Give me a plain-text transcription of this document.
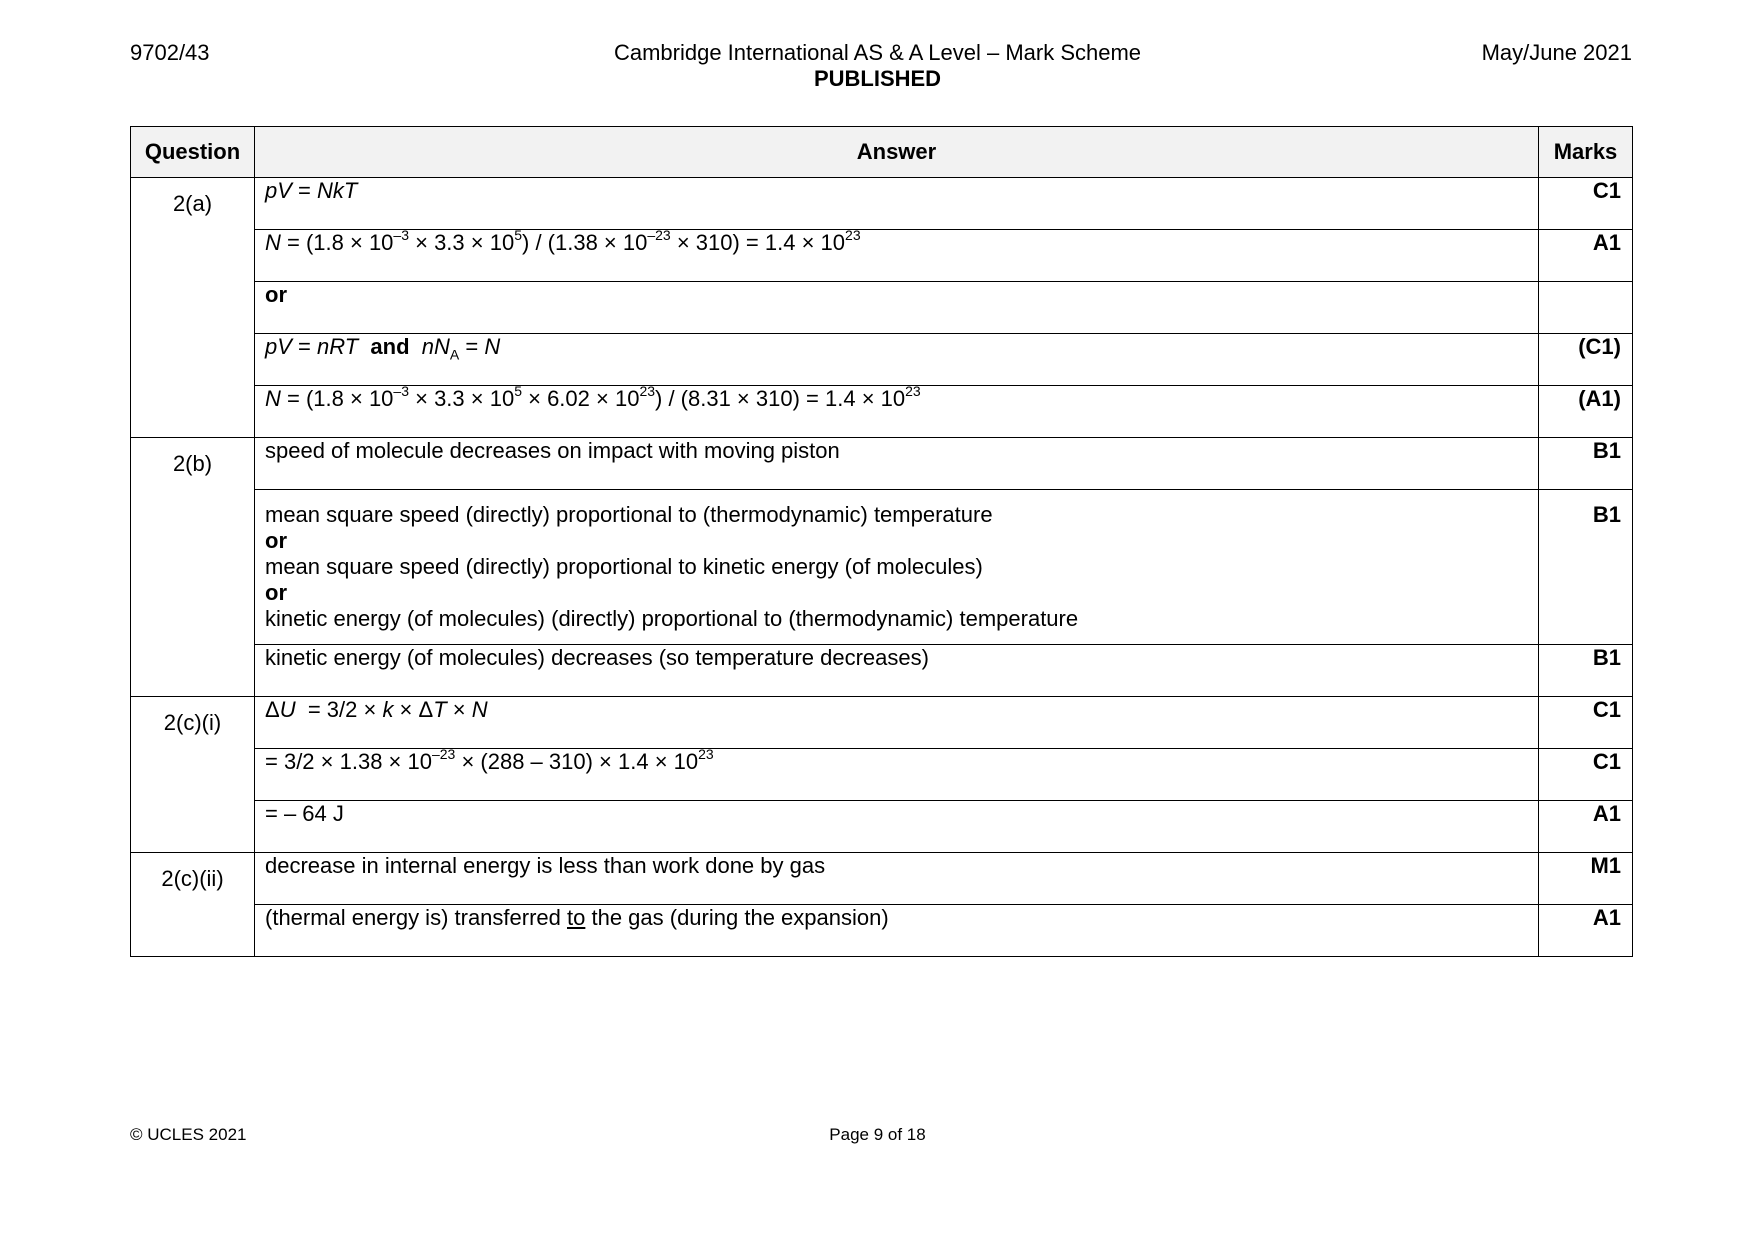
9702/43	Cambridge International AS & A Level – Mark Scheme
PUBLISHED
May/June 2021
Question	Answer	Marks
2(a)	pV = NkT	C1
	$N = (1.8 \times 10^{-3} \times 3.3 \times 10^5) / (1.38 \times 10^{-23} \times 310) = 1.4 \times 10^{23}$	A1
	or	
	pV = nRT and $nN_A = N$	(C1)
	$N = (1.8 \times 10^{-3} \times 3.3 \times 10^5 \times 6.02 \times 10^{23}) / (8.31 \times 310) = 1.4 \times 10^{23}$	(A1)
2(b)	speed of molecule decreases on impact with moving piston	B1

	mean square speed (directly) proportional to (thermodynamic) temperature
or
mean square speed (directly) proportional to kinetic energy (of molecules)
or
kinetic energy (of molecules) (directly) proportional to (thermodynamic) temperature	B1
	kinetic energy (of molecules) decreases (so temperature decreases)	B1
2(c)(i)	ΔU  = 3/2 × k × ΔT × N	C1
	= $3/2 \times 1.38 \times 10^{-23} \times (288 - 310) \times 1.4 \times 10^{23}$	C1
	= – 64 J	A1
2(c)(ii)	decrease in internal energy is less than work done by gas	M1
	(thermal energy is) transferred to the gas (during the expansion)	A1
© UCLES 2021	Page 9 of 18
